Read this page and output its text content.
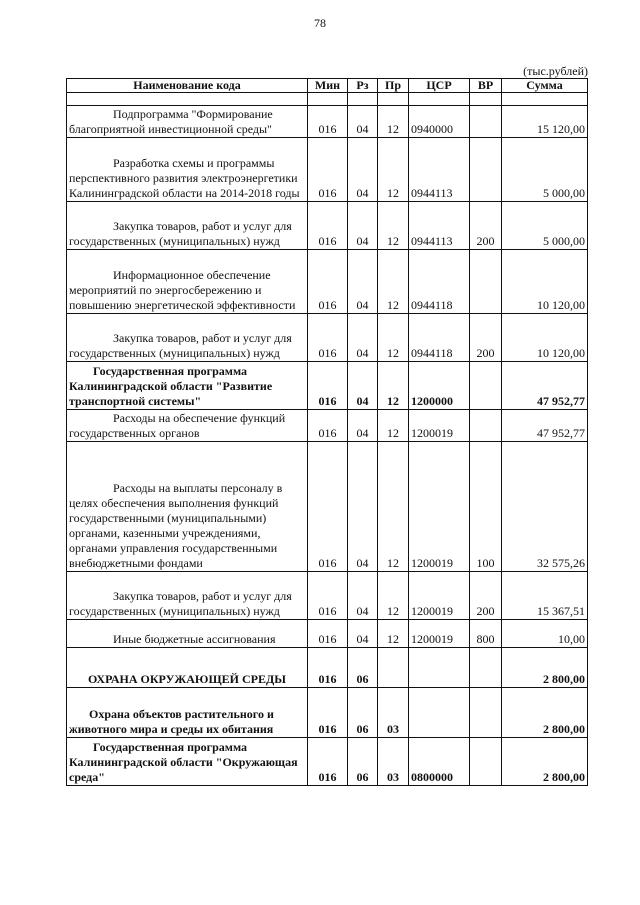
78
(тыс.рублей)
Наименование кода	Мин	Рз	Пр	ЦСР	ВР	Сумма

Подпрограмма "Формирование благоприятной инвестиционной среды"	016	04	12	0940000		15 120,00
Разработка схемы и программы перспективного развития электроэнергетики Калининградской области на 2014-2018 годы	016	04	12	0944113		5 000,00
Закупка товаров, работ и услуг для государственных (муниципальных) нужд	016	04	12	0944113	200	5 000,00
Информационное обеспечение мероприятий по энергосбережению и повышению энергетической эффективности	016	04	12	0944118		10 120,00
Закупка товаров, работ и услуг для государственных (муниципальных) нужд	016	04	12	0944118	200	10 120,00
Государственная программа Калининградской области "Развитие транспортной системы"	016	04	12	1200000		47 952,77
Расходы на обеспечение функций государственных органов	016	04	12	1200019		47 952,77
Расходы на выплаты персоналу в целях обеспечения выполнения функций государственными (муниципальными) органами, казенными учреждениями, органами управления государственными внебюджетными фондами	016	04	12	1200019	100	32 575,26
Закупка товаров, работ и услуг для государственных (муниципальных) нужд	016	04	12	1200019	200	15 367,51
Иные бюджетные ассигнования	016	04	12	1200019	800	10,00
ОХРАНА ОКРУЖАЮЩЕЙ СРЕДЫ	016	06				2 800,00
Охрана объектов растительного и животного мира и среды их обитания	016	06	03			2 800,00
Государственная программа Калининградской области "Окружающая среда"	016	06	03	0800000		2 800,00
